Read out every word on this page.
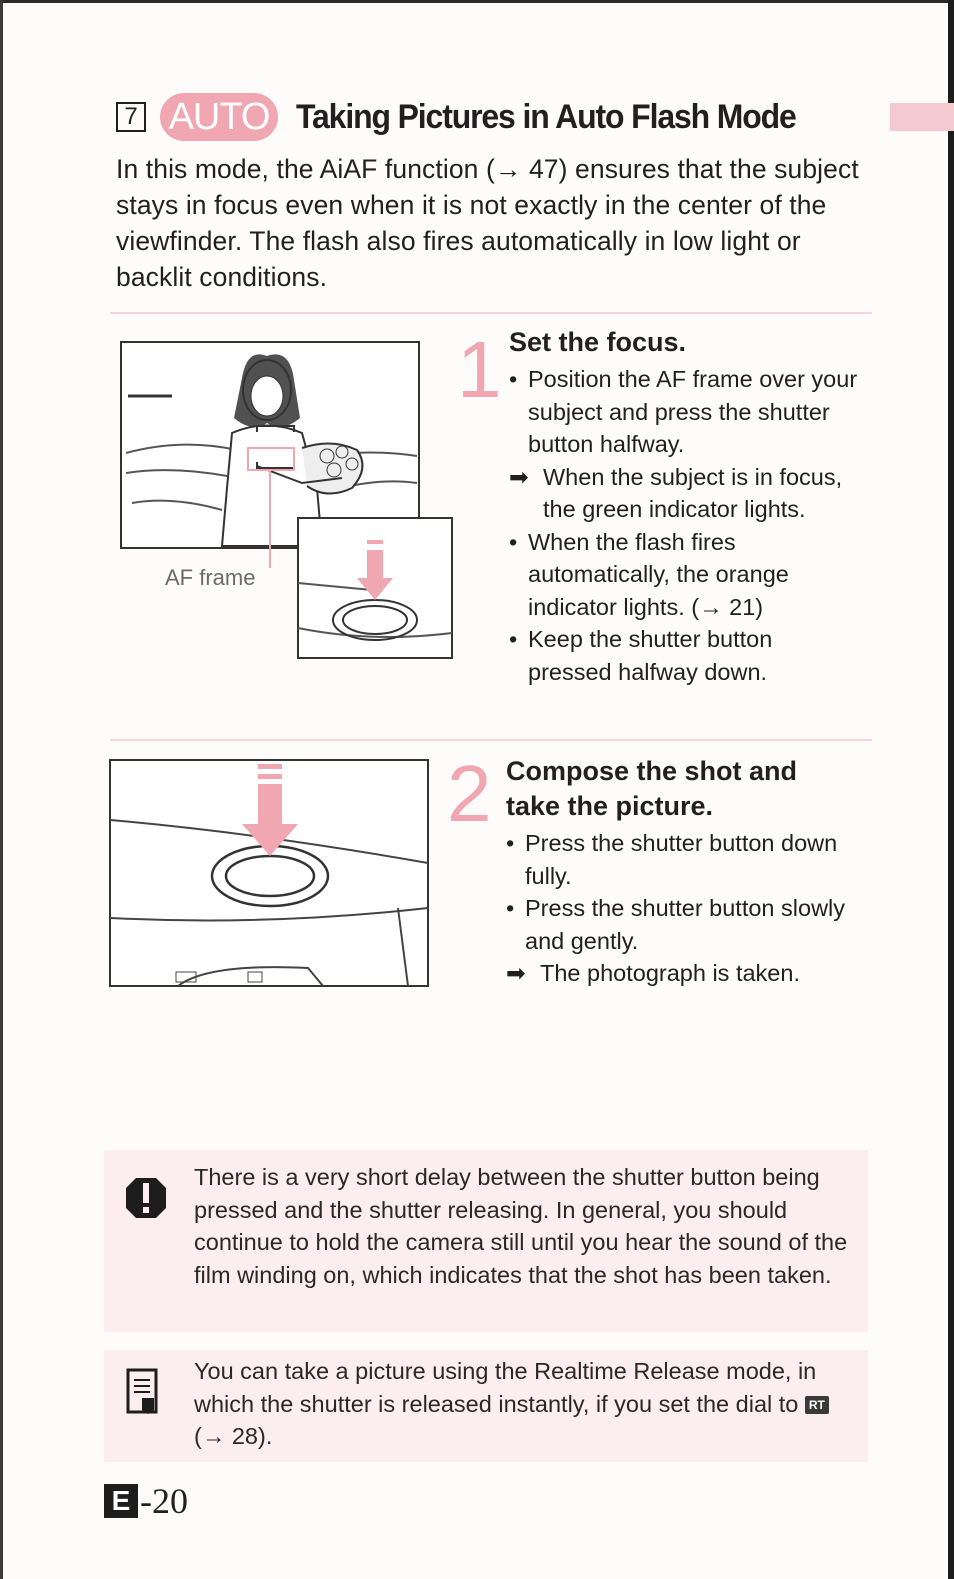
7 AUTO Taking Pictures in Auto Flash Mode
In this mode, the AiAF function (→ 47) ensures that the subject stays in focus even when it is not exactly in the center of the viewfinder. The flash also fires automatically in low light or backlit conditions.
AF frame
1 Set the focus.
• Position the AF frame over your subject and press the shutter button halfway.
➡ When the subject is in focus, the green indicator lights.
• When the flash fires automatically, the orange indicator lights. (→ 21)
• Keep the shutter button pressed halfway down.
2 Compose the shot and take the picture.
• Press the shutter button down fully.
• Press the shutter button slowly and gently.
➡ The photograph is taken.
There is a very short delay between the shutter button being pressed and the shutter releasing. In general, you should continue to hold the camera still until you hear the sound of the film winding on, which indicates that the shot has been taken.
You can take a picture using the Realtime Release mode, in which the shutter is released instantly, if you set the dial to RT (→ 28).
E -20
